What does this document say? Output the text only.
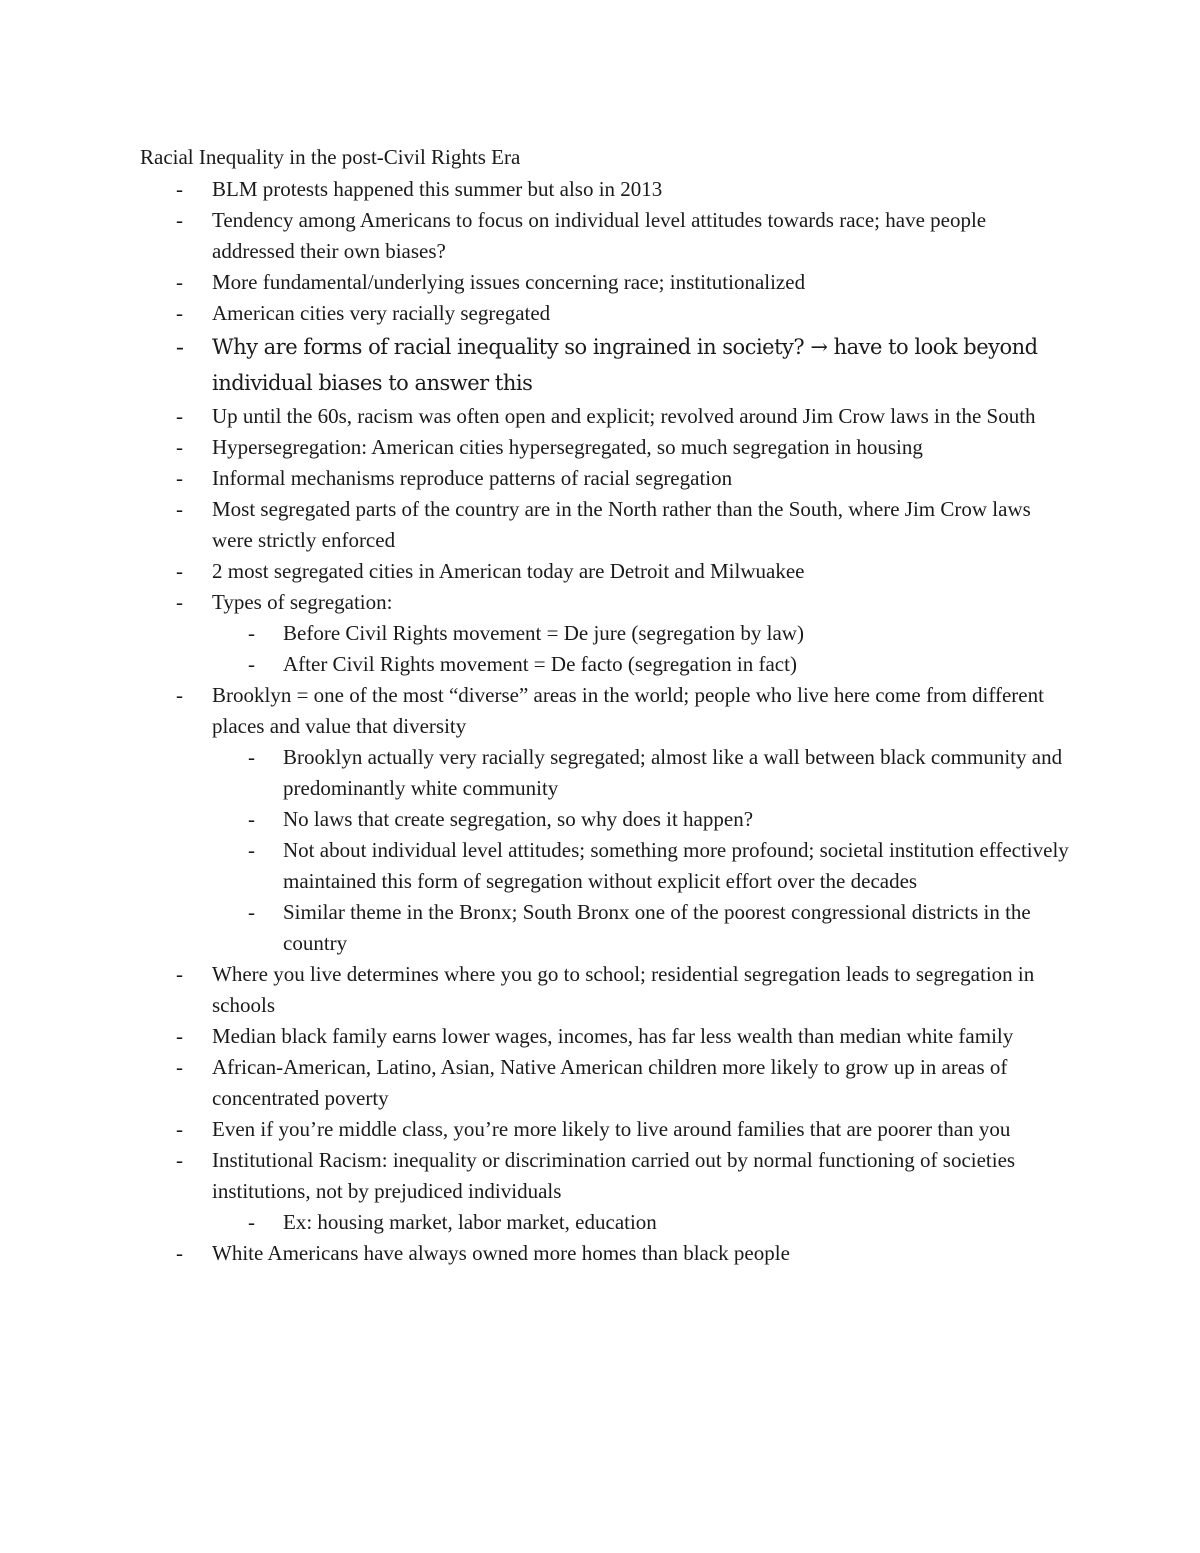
Racial Inequality in the post-Civil Rights Era
- BLM protests happened this summer but also in 2013
- Tendency among Americans to focus on individual level attitudes towards race; have people addressed their own biases?
- More fundamental/underlying issues concerning race; institutionalized
- American cities very racially segregated
- Why are forms of racial inequality so ingrained in society? → have to look beyond individual biases to answer this
- Up until the 60s, racism was often open and explicit; revolved around Jim Crow laws in the South
- Hypersegregation: American cities hypersegregated, so much segregation in housing
- Informal mechanisms reproduce patterns of racial segregation
- Most segregated parts of the country are in the North rather than the South, where Jim Crow laws were strictly enforced
- 2 most segregated cities in American today are Detroit and Milwuakee
- Types of segregation:
- Before Civil Rights movement = De jure (segregation by law)
- After Civil Rights movement = De facto (segregation in fact)
- Brooklyn = one of the most “diverse” areas in the world; people who live here come from different places and value that diversity
- Brooklyn actually very racially segregated; almost like a wall between black community and predominantly white community
- No laws that create segregation, so why does it happen?
- Not about individual level attitudes; something more profound; societal institution effectively maintained this form of segregation without explicit effort over the decades
- Similar theme in the Bronx; South Bronx one of the poorest congressional districts in the country
- Where you live determines where you go to school; residential segregation leads to segregation in schools
- Median black family earns lower wages, incomes, has far less wealth than median white family
- African-American, Latino, Asian, Native American children more likely to grow up in areas of concentrated poverty
- Even if you’re middle class, you’re more likely to live around families that are poorer than you
- Institutional Racism: inequality or discrimination carried out by normal functioning of societies institutions, not by prejudiced individuals
- Ex: housing market, labor market, education
- White Americans have always owned more homes than black people
